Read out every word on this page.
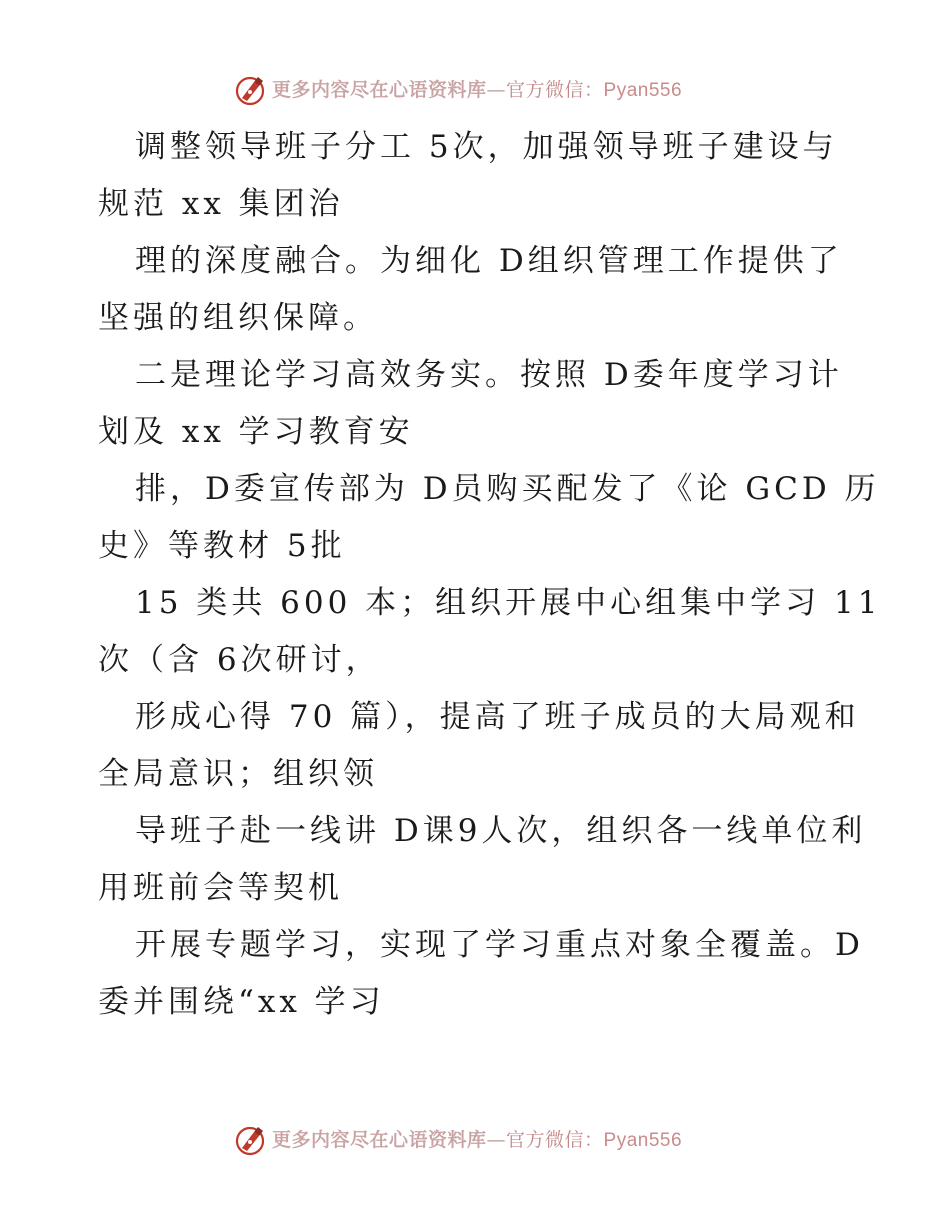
更多内容尽在心语资料库—官方微信：Pyan556
调整领导班子分工 5次，加强领导班子建设与
规范 xx 集团治
理的深度融合。为细化 D组织管理工作提供了
坚强的组织保障。
二是理论学习高效务实。按照 D委年度学习计
划及 xx 学习教育安
排，D委宣传部为 D员购买配发了《论 GCD 历
史》等教材 5批
15 类共 600 本；组织开展中心组集中学习 11
次（含 6次研讨，
形成心得 70 篇），提高了班子成员的大局观和
全局意识；组织领
导班子赴一线讲 D课9人次，组织各一线单位利
用班前会等契机
开展专题学习，实现了学习重点对象全覆盖。D
委并围绕“xx 学习
更多内容尽在心语资料库—官方微信：Pyan556
